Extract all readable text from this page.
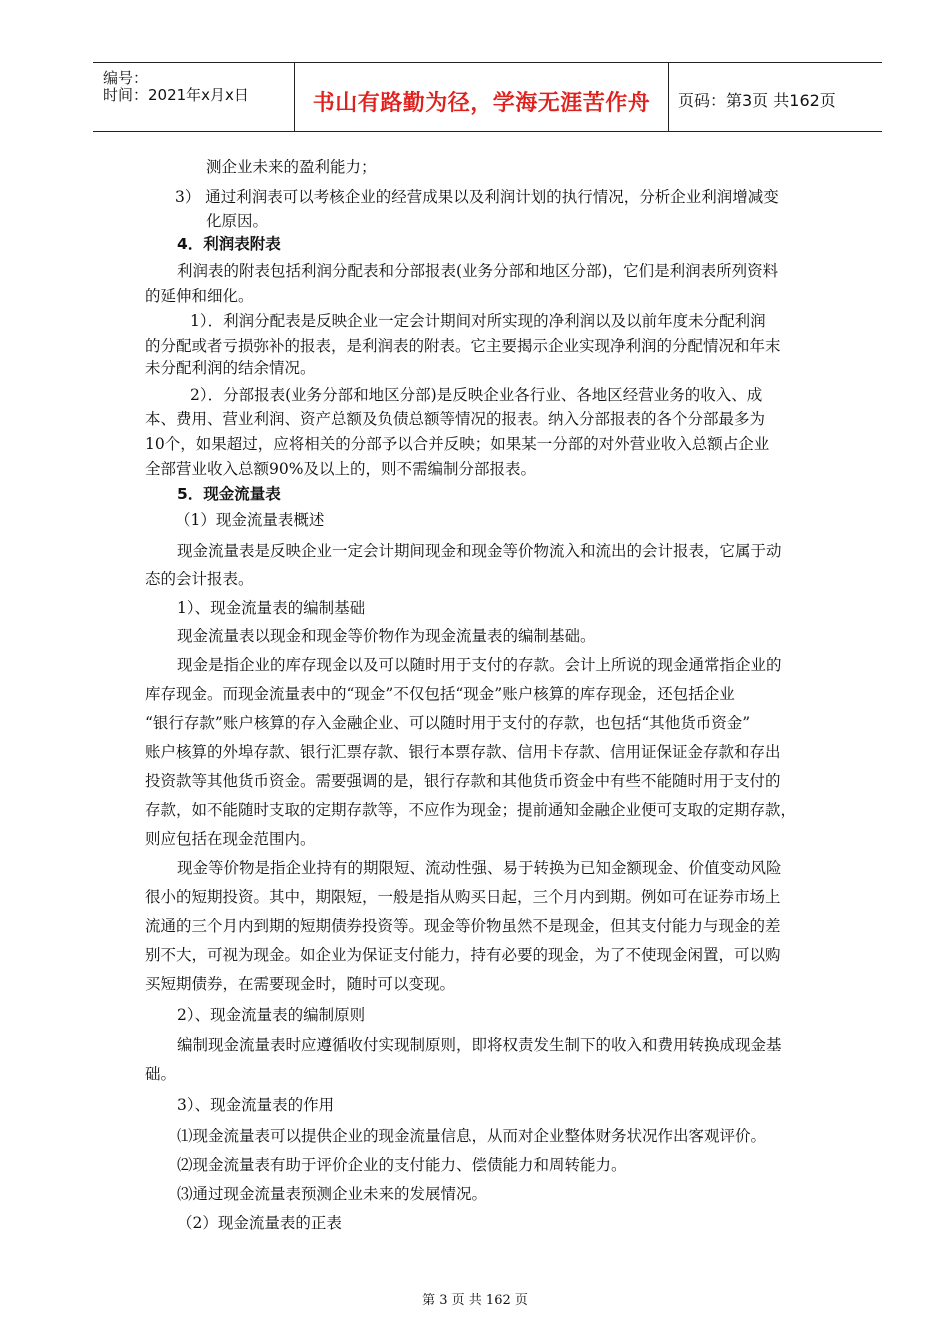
编号：
时间：2021年x月x日	书山有路勤为径，学海无涯苦作舟	页码：第3页 共162页
测企业未来的盈利能力；
3） 通过利润表可以考核企业的经营成果以及利润计划的执行情况，分析企业利润增减变
化原因。
4．利润表附表
利润表的附表包括利润分配表和分部报表(业务分部和地区分部)，它们是利润表所列资料
的延伸和细化。
1）．利润分配表是反映企业一定会计期间对所实现的净利润以及以前年度未分配利润
的分配或者亏损弥补的报表，是利润表的附表。它主要揭示企业实现净利润的分配情况和年末
未分配利润的结余情况。
2）．分部报表(业务分部和地区分部)是反映企业各行业、各地区经营业务的收入、成
本、费用、营业利润、资产总额及负债总额等情况的报表。纳入分部报表的各个分部最多为
10个，如果超过，应将相关的分部予以合并反映；如果某一分部的对外营业收入总额占企业
全部营业收入总额90%及以上的，则不需编制分部报表。
5．现金流量表
（1）现金流量表概述
现金流量表是反映企业一定会计期间现金和现金等价物流入和流出的会计报表，它属于动
态的会计报表。
1）、现金流量表的编制基础
现金流量表以现金和现金等价物作为现金流量表的编制基础。
现金是指企业的库存现金以及可以随时用于支付的存款。会计上所说的现金通常指企业的
库存现金。而现金流量表中的“现金”不仅包括“现金”账户核算的库存现金，还包括企业
“银行存款”账户核算的存入金融企业、可以随时用于支付的存款，也包括“其他货币资金”
账户核算的外埠存款、银行汇票存款、银行本票存款、信用卡存款、信用证保证金存款和存出
投资款等其他货币资金。需要强调的是，银行存款和其他货币资金中有些不能随时用于支付的
存款，如不能随时支取的定期存款等，不应作为现金；提前通知金融企业便可支取的定期存款，
则应包括在现金范围内。
现金等价物是指企业持有的期限短、流动性强、易于转换为已知金额现金、价值变动风险
很小的短期投资。其中，期限短，一般是指从购买日起，三个月内到期。例如可在证券市场上
流通的三个月内到期的短期债券投资等。现金等价物虽然不是现金，但其支付能力与现金的差
别不大，可视为现金。如企业为保证支付能力，持有必要的现金，为了不使现金闲置，可以购
买短期债券，在需要现金时，随时可以变现。
2）、现金流量表的编制原则
编制现金流量表时应遵循收付实现制原则，即将权责发生制下的收入和费用转换成现金基
础。
3）、现金流量表的作用
⑴现金流量表可以提供企业的现金流量信息，从而对企业整体财务状况作出客观评价。
⑵现金流量表有助于评价企业的支付能力、偿债能力和周转能力。
⑶通过现金流量表预测企业未来的发展情况。
（2）现金流量表的正表
第 3 页 共 162 页
